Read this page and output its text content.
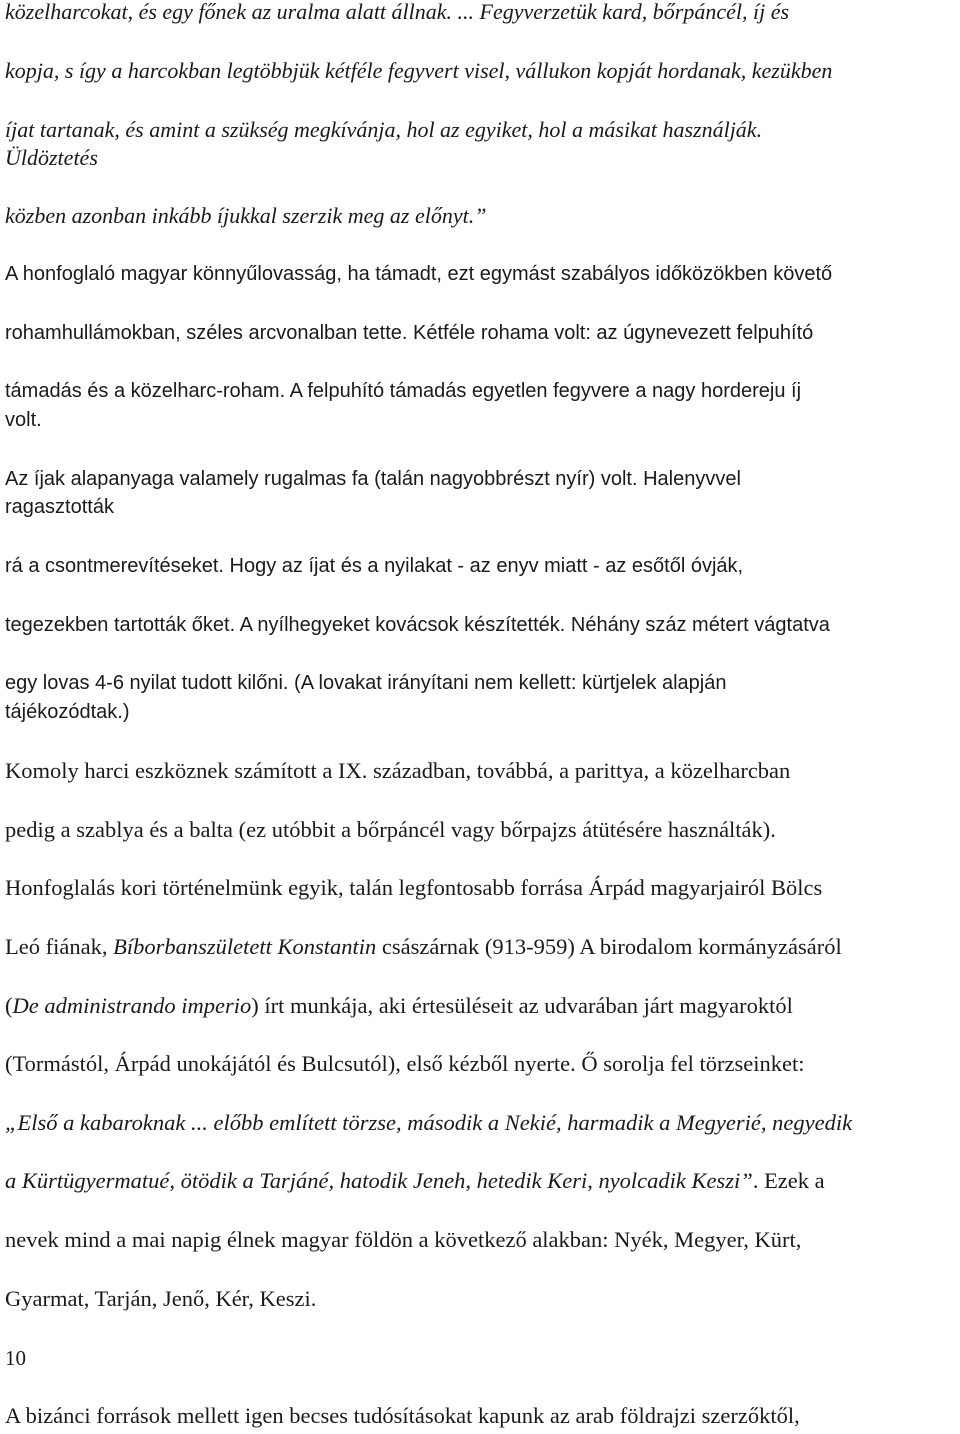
közelharcokat, és egy főnek az uralma alatt állnak. ... Fegyverzetük kard, bőrpáncél, íj és
kopja, s így a harcokban legtöbbjük kétféle fegyvert visel, vállukon kopját hordanak, kezükben
íjat tartanak, és amint a szükség megkívánja, hol az egyiket, hol a másikat használják.
Üldöztetés
közben azonban inkább íjukkal szerzik meg az előnyt.”
A honfoglaló magyar könnyűlovasság, ha támadt, ezt egymást szabályos időközökben követő
rohamhullámokban, széles arcvonalban tette. Kétféle rohama volt: az úgynevezett felpuhító
támadás és a közelharc-roham. A felpuhító támadás egyetlen fegyvere a nagy hordereju íj
volt.
Az íjak alapanyaga valamely rugalmas fa (talán nagyobbrészt nyír) volt. Halenyvvel
ragasztották
rá a csontmerevítéseket. Hogy az íjat és a nyilakat - az enyv miatt - az esőtől óvják,
tegezekben tartották őket. A nyílhegyeket kovácsok készítették. Néhány száz métert vágtatva
egy lovas 4-6 nyilat tudott kilőni. (A lovakat irányítani nem kellett: kürtjelek alapján
tájékozódtak.)
Komoly harci eszköznek számított a IX. században, továbbá, a parittya, a közelharcban
pedig a szablya és a balta (ez utóbbit a bőrpáncél vagy bőrpajzs átütésére használták).
Honfoglalás kori történelmünk egyik, talán legfontosabb forrása Árpád magyarjairól Bölcs
Leó fiának, Bíborbanszületett Konstantin császárnak (913-959) A birodalom kormányzásáról
(De administrando imperio) írt munkája, aki értesüléseit az udvarában járt magyaroktól
(Tormástól, Árpád unokájától és Bulcsutól), első kézből nyerte. Ő sorolja fel törzseinket:
„Első a kabaroknak ... előbb említett törzse, második a Nekié, harmadik a Megyerié, negyedik
a Kürtügyermatué, ötödik a Tarjáné, hatodik Jeneh, hetedik Keri, nyolcadik Keszi”. Ezek a
nevek mind a mai napig élnek magyar földön a következő alakban: Nyék, Megyer, Kürt,
Gyarmat, Tarján, Jenő, Kér, Keszi.
10
A bizánci források mellett igen becses tudósításokat kapunk az arab földrajzi szerzőktől,
